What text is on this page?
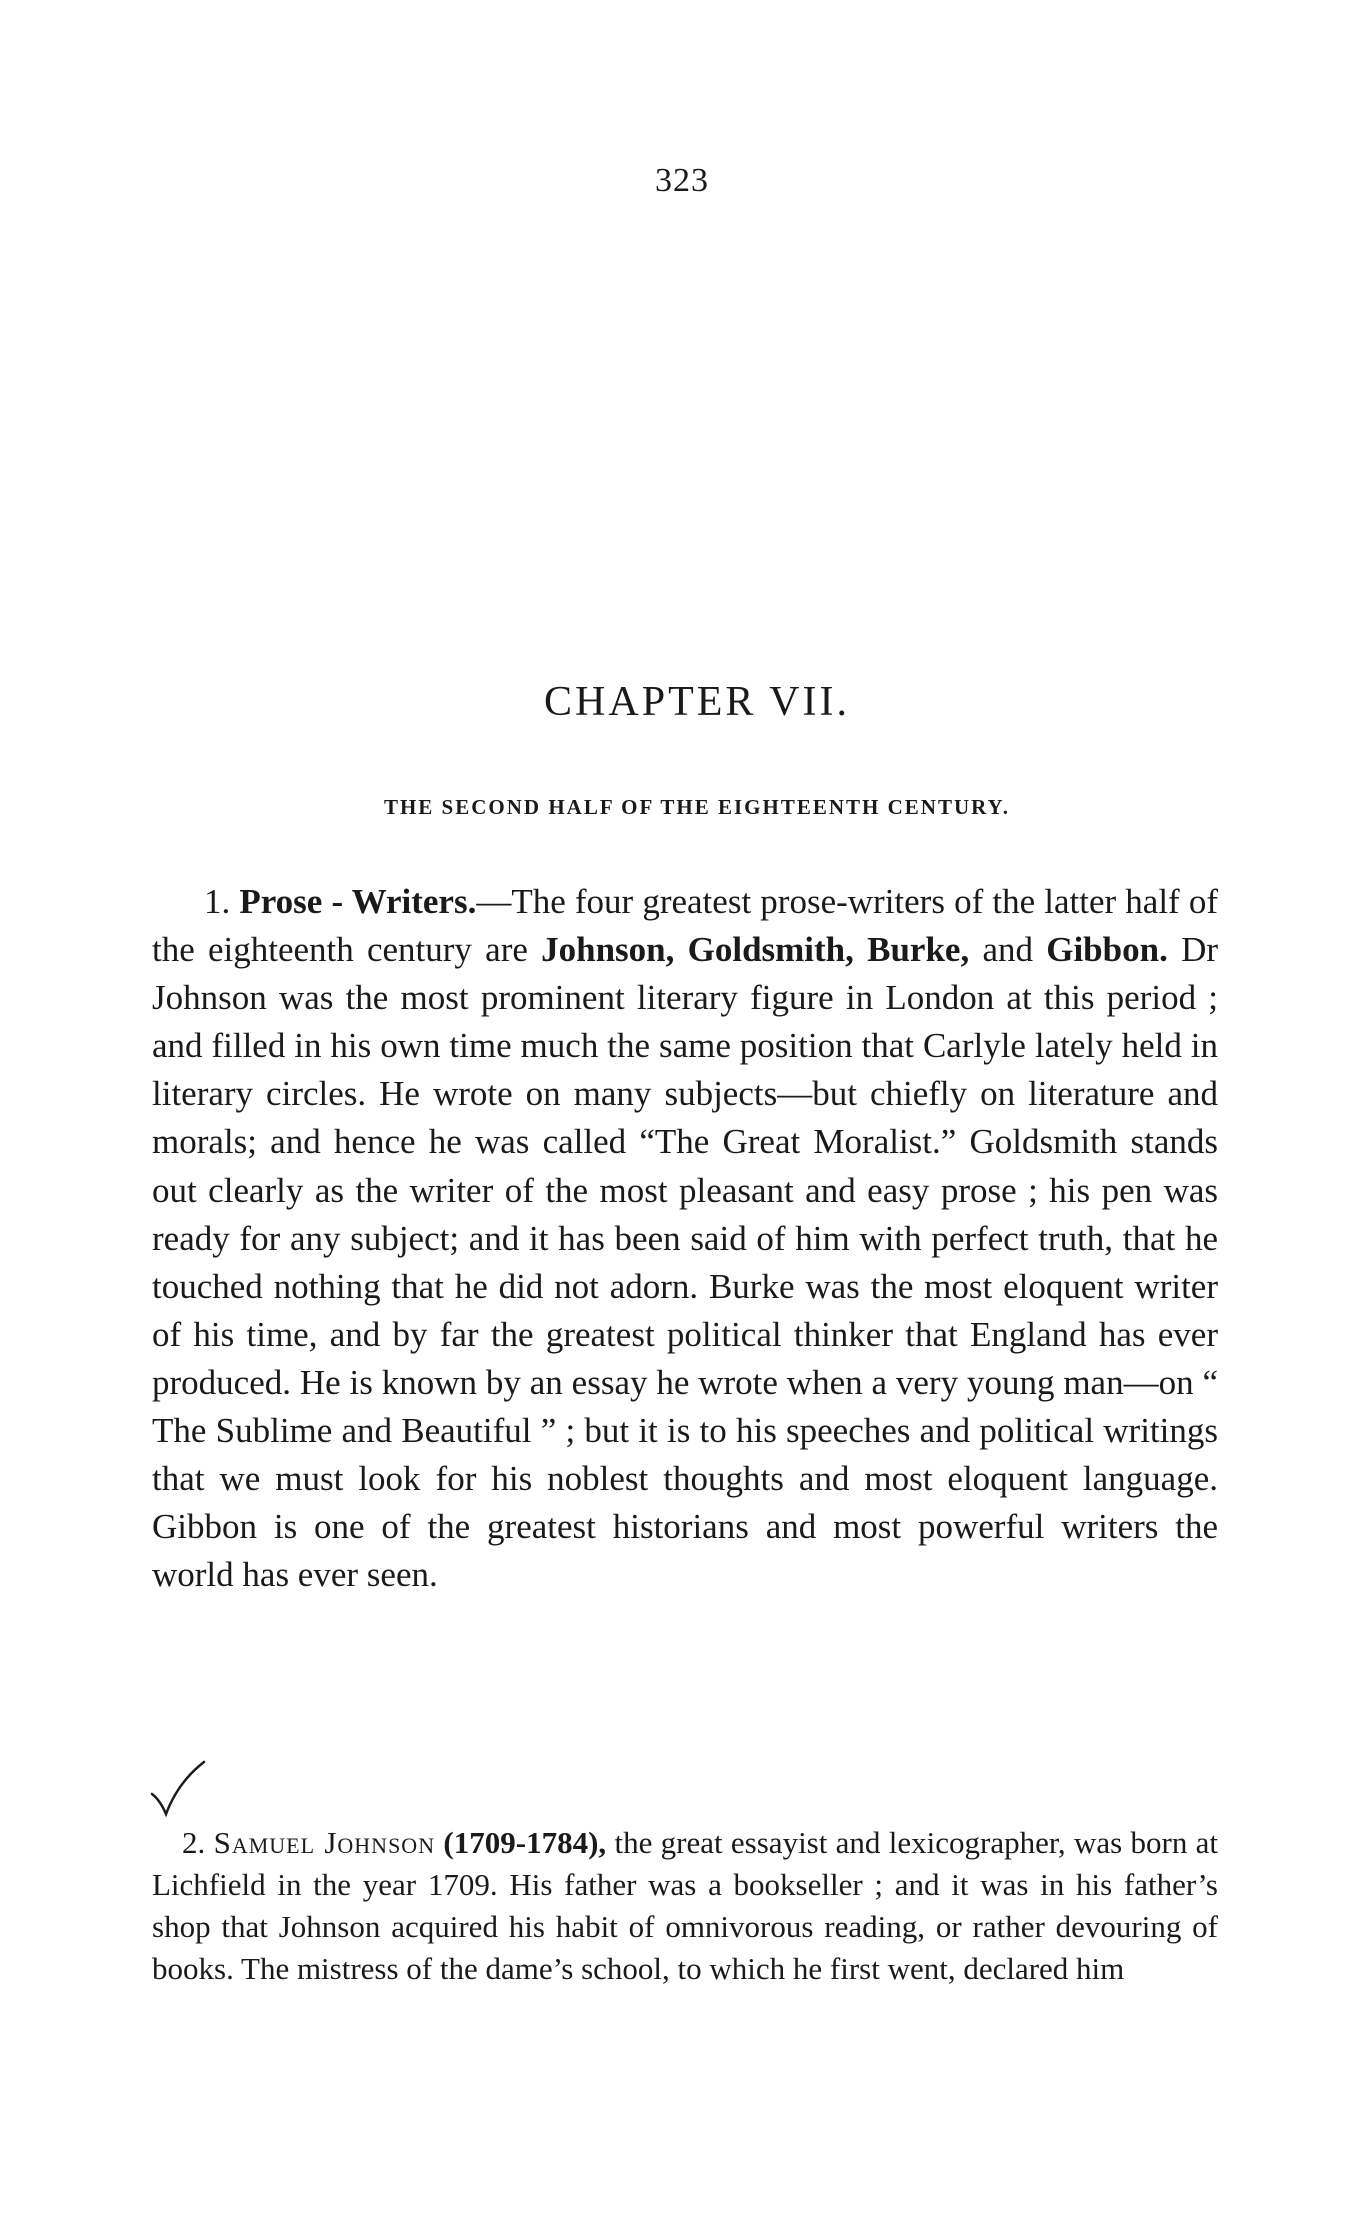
323
CHAPTER VII.
THE SECOND HALF OF THE EIGHTEENTH CENTURY.

1. Prose - Writers.—The four greatest prose-writers of the latter half of the eighteenth century are Johnson, Goldsmith, Burke, and Gibbon. Dr Johnson was the most prominent literary figure in London at this period ; and filled in his own time much the same position that Carlyle lately held in literary circles. He wrote on many subjects—but chiefly on literature and morals; and hence he was called “The Great Moralist.” Goldsmith stands out clearly as the writer of the most pleasant and easy prose ; his pen was ready for any subject; and it has been said of him with perfect truth, that he touched nothing that he did not adorn. Burke was the most eloquent writer of his time, and by far the greatest political thinker that England has ever produced. He is known by an essay he wrote when a very young man—on “ The Sublime and Beautiful ” ; but it is to his speeches and political writings that we must look for his noblest thoughts and most eloquent language. Gibbon is one of the greatest historians and most powerful writers the world has ever seen.

2. Samuel Johnson (1709-1784), the great essayist and lexicographer, was born at Lichfield in the year 1709. His father was a bookseller ; and it was in his father’s shop that Johnson acquired his habit of omnivorous reading, or rather devouring of books. The mistress of the dame’s school, to which he first went, declared him
